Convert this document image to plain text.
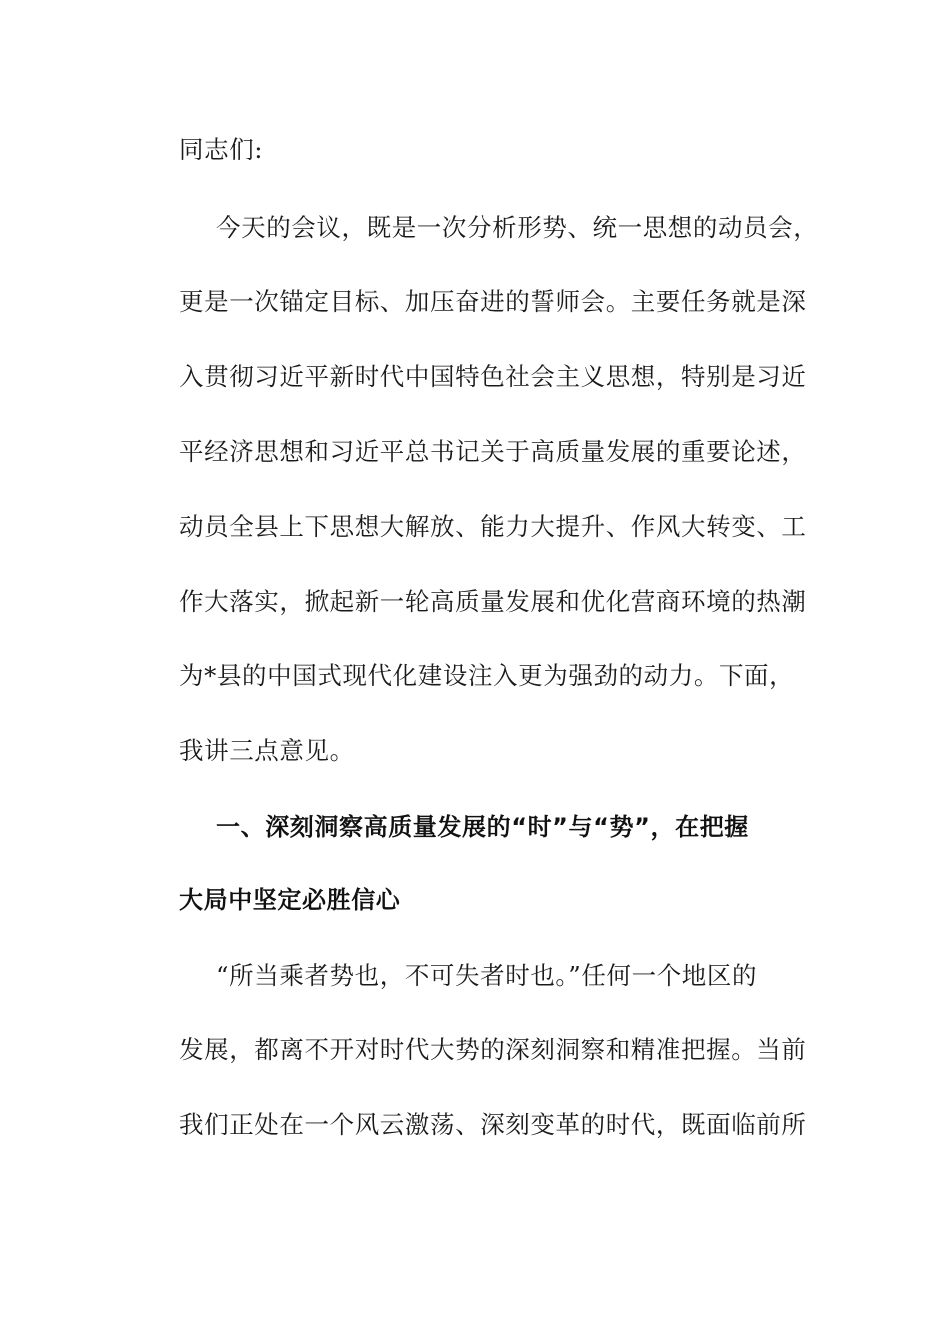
同志们:
今天的会议，既是一次分析形势、统一思想的动员会，
更是一次锚定目标、加压奋进的誓师会。主要任务就是深
入贯彻习近平新时代中国特色社会主义思想，特别是习近
平经济思想和习近平总书记关于高质量发展的重要论述，
动员全县上下思想大解放、能力大提升、作风大转变、工
作大落实，掀起新一轮高质量发展和优化营商环境的热潮
为*县的中国式现代化建设注入更为强劲的动力。下面，
我讲三点意见。
一、深刻洞察高质量发展的“时”与“势”，在把握
大局中坚定必胜信心
“所当乘者势也，不可失者时也。”任何一个地区的
发展，都离不开对时代大势的深刻洞察和精准把握。当前
我们正处在一个风云激荡、深刻变革的时代，既面临前所
